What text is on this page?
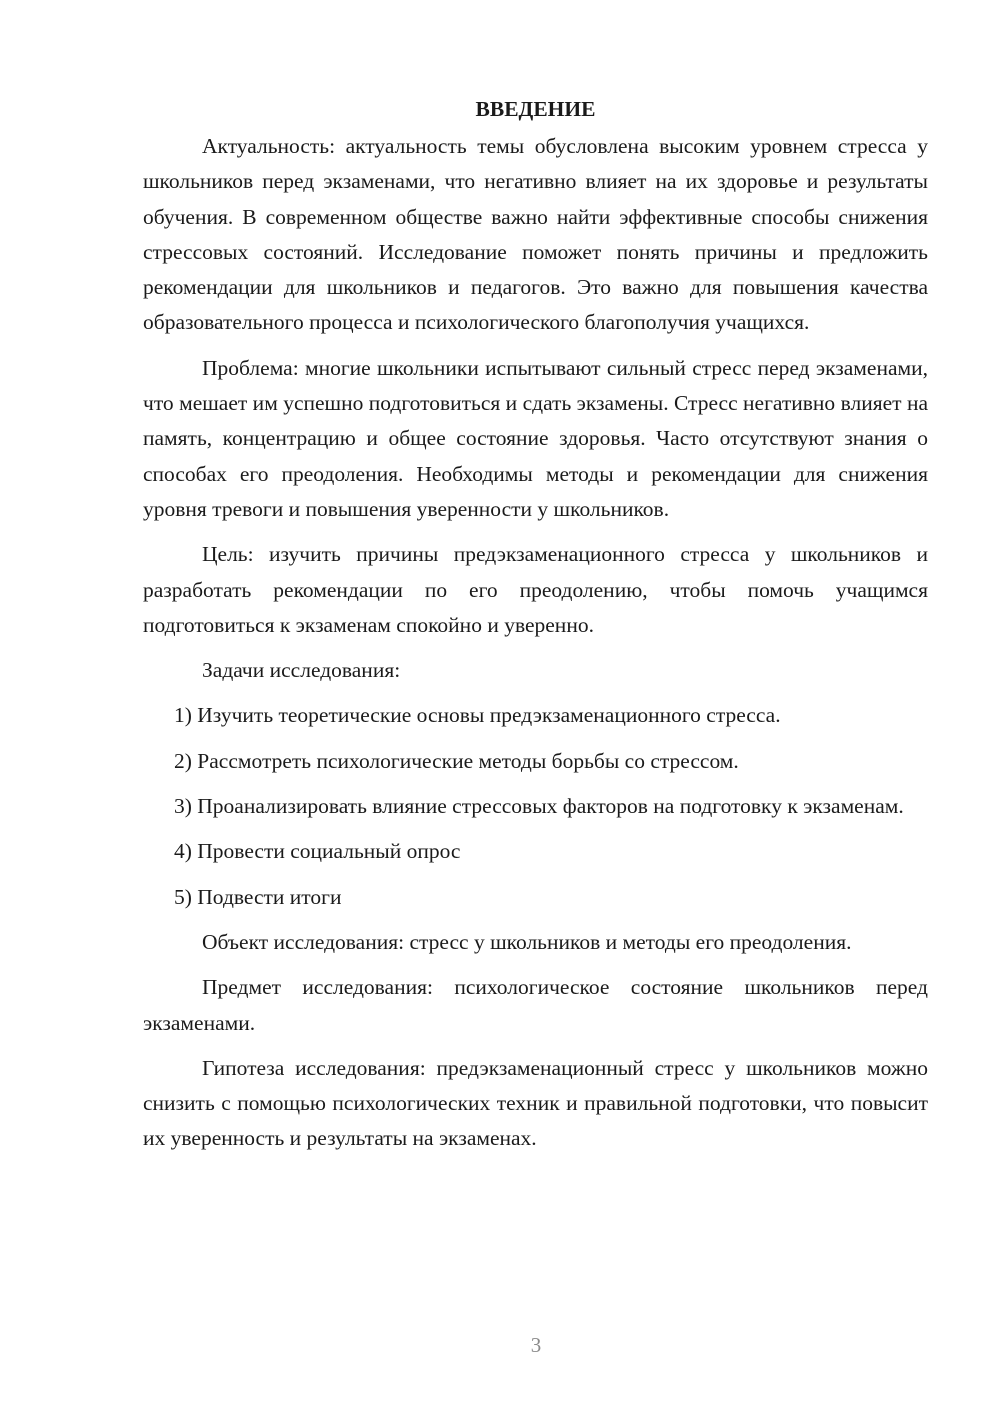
ВВЕДЕНИЕ

Актуальность: актуальность темы обусловлена высоким уровнем стресса у школьников перед экзаменами, что негативно влияет на их здоровье и результаты обучения. В современном обществе важно найти эффективные способы снижения стрессовых состояний. Исследование поможет понять причины и предложить рекомендации для школьников и педагогов. Это важно для повышения качества образовательного процесса и психологического благополучия учащихся.

Проблема: многие школьники испытывают сильный стресс перед экзаменами, что мешает им успешно подготовиться и сдать экзамены. Стресс негативно влияет на память, концентрацию и общее состояние здоровья. Часто отсутствуют знания о способах его преодоления. Необходимы методы и рекомендации для снижения уровня тревоги и повышения уверенности у школьников.

Цель: изучить причины предэкзаменационного стресса у школьников и разработать рекомендации по его преодолению, чтобы помочь учащимся подготовиться к экзаменам спокойно и уверенно.

Задачи исследования:

1) Изучить теоретические основы предэкзаменационного стресса.

2) Рассмотреть психологические методы борьбы со стрессом.

3) Проанализировать влияние стрессовых факторов на подготовку к экзаменам.

4) Провести социальный опрос

5) Подвести итоги

Объект исследования: стресс у школьников и методы его преодоления.

Предмет исследования: психологическое состояние школьников перед экзаменами.

Гипотеза исследования: предэкзаменационный стресс у школьников можно снизить с помощью психологических техник и правильной подготовки, что повысит их уверенность и результаты на экзаменах.

3
